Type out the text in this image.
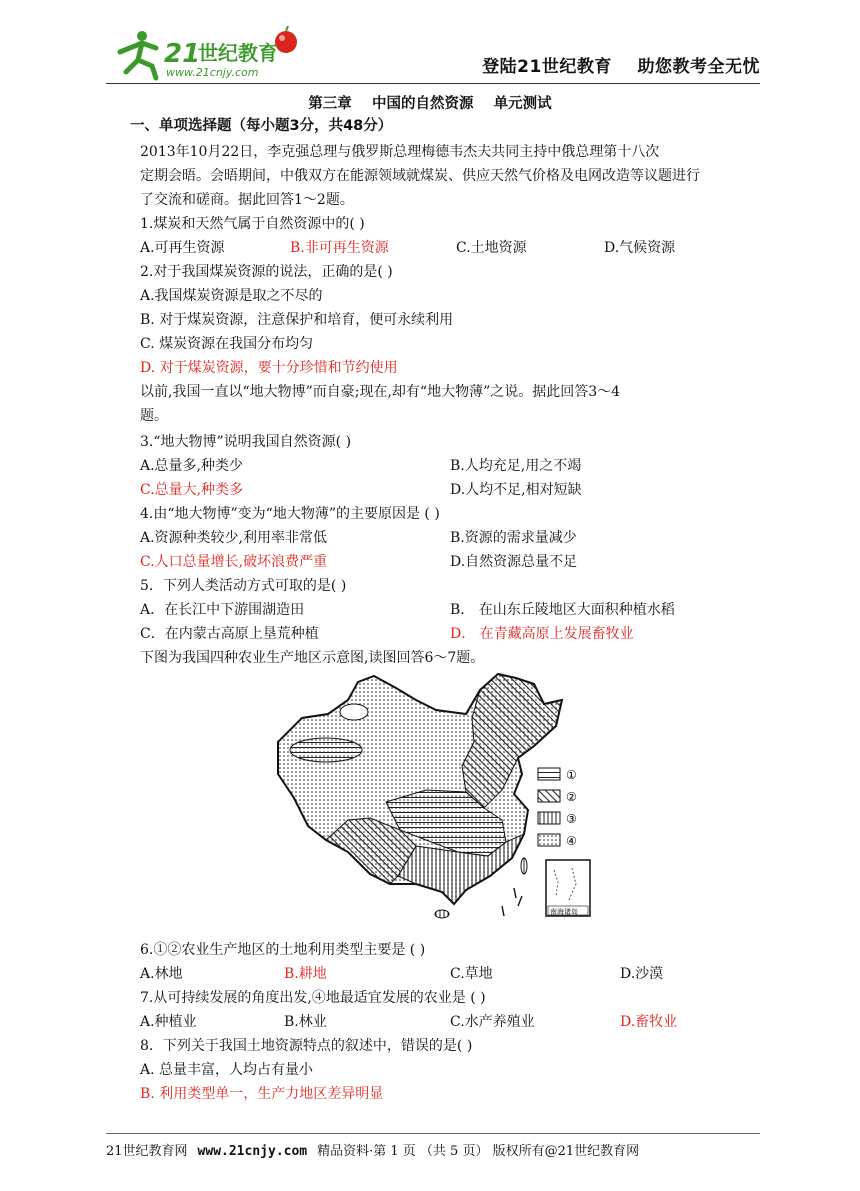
21
世纪教育
www.21cnjy.com	登陆21世纪教育    助您教考全无忧
第三章    中国的自然资源    单元测试
一、单项选择题（每小题3分，共48分）
2013年10月22日，李克强总理与俄罗斯总理梅德韦杰夫共同主持中俄总理第十八次
定期会晤。会晤期间，中俄双方在能源领域就煤炭、供应天然气价格及电网改造等议题进行
了交流和磋商。据此回答1～2题。
1.煤炭和天然气属于自然资源中的( )
A.可再生资源	B.非可再生资源	C.土地资源	D.气候资源
2.对于我国煤炭资源的说法，正确的是( )
A.我国煤炭资源是取之不尽的
B. 对于煤炭资源，注意保护和培育，便可永续利用
C. 煤炭资源在我国分布均匀
D. 对于煤炭资源，要十分珍惜和节约使用
以前,我国一直以“地大物博”而自豪;现在,却有“地大物薄”之说。据此回答3～4
题。
3.“地大物博”说明我国自然资源( )
A.总量多,种类少	B.人均充足,用之不竭
C.总量大,种类多	D.人均不足,相对短缺
4.由“地大物博”变为“地大物薄”的主要原因是 ( )
A.资源种类较少,利用率非常低	B.资源的需求量减少
C.人口总量增长,破坏浪费严重	D.自然资源总量不足
5．下列人类活动方式可取的是( )
A．在长江中下游围湖造田	B． 在山东丘陵地区大面积种植水稻
C．在内蒙古高原上垦荒种植	D． 在青藏高原上发展畜牧业
下图为我国四种农业生产地区示意图,读图回答6～7题。
①
②
③
④
南海诸岛
6.①②农业生产地区的土地利用类型主要是 ( )
A.林地	B.耕地	C.草地	D.沙漠
7.从可持续发展的角度出发,④地最适宜发展的农业是 ( )
A.种植业	B.林业	C.水产养殖业	D.畜牧业
8．下列关于我国土地资源特点的叙述中，错误的是( )
A. 总量丰富，人均占有量小
B. 利用类型单一，生产力地区差异明显
21世纪教育网 www.21cnjy.com 精品资料·第 1 页 （共 5 页） 版权所有@21世纪教育网
